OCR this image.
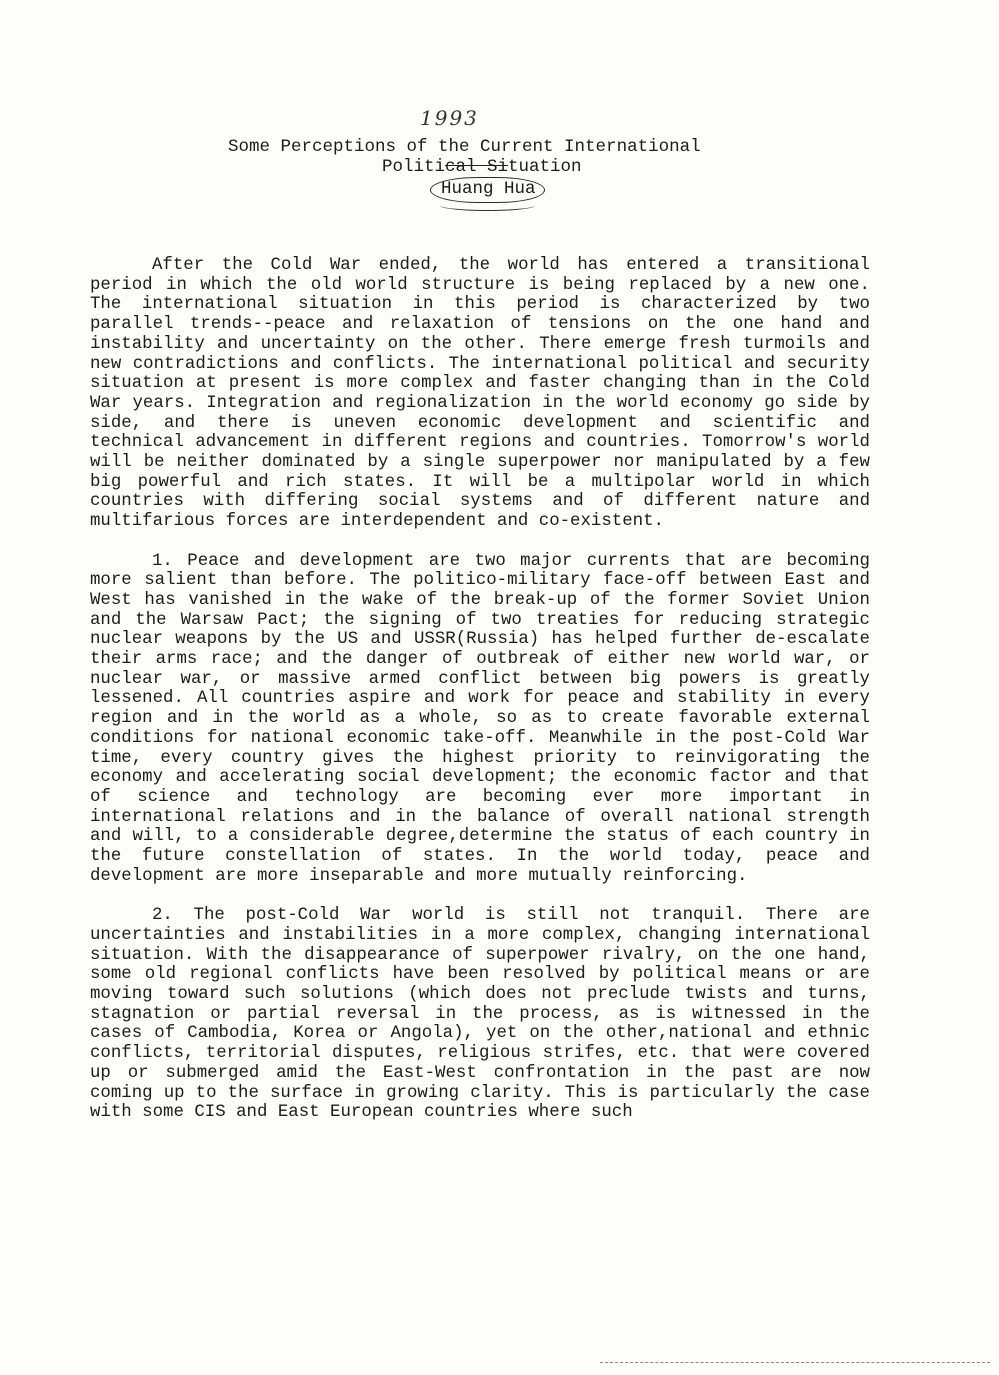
1993
Some Perceptions of the Current International
Political Situation
Huang Hua

After the Cold War ended, the world has entered a transitional period in which the old world structure is being replaced by a new one. The international situation in this period is characterized by two parallel trends--peace and relaxation of tensions on the one hand and instability and uncertainty on the other. There emerge fresh turmoils and new contradictions and conflicts. The international political and security situation at present is more complex and faster changing than in the Cold War years. Integration and regionalization in the world economy go side by side, and there is uneven economic development and scientific and technical advancement in different regions and countries. Tomorrow's world will be neither dominated by a single superpower nor manipulated by a few big powerful and rich states. It will be a multipolar world in which countries with differing social systems and of different nature and multifarious forces are interdependent and co-existent.

1. Peace and development are two major currents that are becoming more salient than before. The politico-military face-off between East and West has vanished in the wake of the break-up of the former Soviet Union and the Warsaw Pact; the signing of two treaties for reducing strategic nuclear weapons by the US and USSR(Russia) has helped further de-escalate their arms race; and the danger of outbreak of either new world war, or nuclear war, or massive armed conflict between big powers is greatly lessened. All countries aspire and work for peace and stability in every region and in the world as a whole, so as to create favorable external conditions for national economic take-off. Meanwhile in the post-Cold War time, every country gives the highest priority to reinvigorating the economy and accelerating social development; the economic factor and that of science and technology are becoming ever more important in international relations and in the balance of overall national strength and will, to a considerable degree,determine the status of each country in the future constellation of states. In the world today, peace and development are more inseparable and more mutually reinforcing.

2. The post-Cold War world is still not tranquil. There are uncertainties and instabilities in a more complex, changing international situation. With the disappearance of superpower rivalry, on the one hand, some old regional conflicts have been resolved by political means or are moving toward such solutions (which does not preclude twists and turns, stagnation or partial reversal in the process, as is witnessed in the cases of Cambodia, Korea or Angola), yet on the other,national and ethnic conflicts, territorial disputes, religious strifes, etc. that were covered up or submerged amid the East-West confrontation in the past are now coming up to the surface in growing clarity. This is particularly the case with some CIS and East European countries where such
